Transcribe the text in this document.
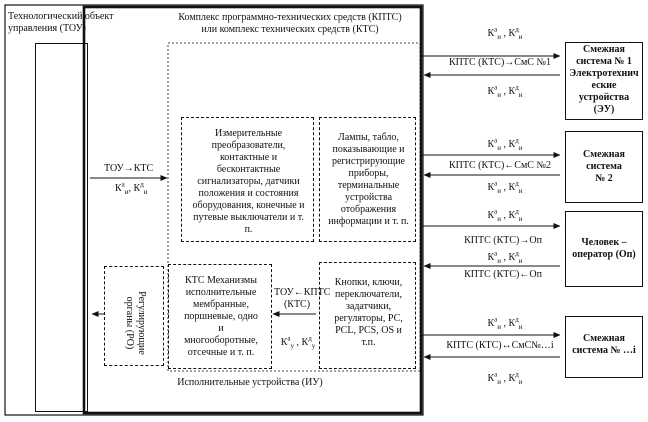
Технологический объект
управления (ТОУ)
Комплекс программно-технических средств (КПТС)
или комплекс технических средств (КТС)
ТОУ→КТС
$К^а_и$, $К^д_и$
Измерительные
преобразователи,
контактные и
бесконтактные
сигнализаторы, датчики
положения и состояния
оборудования, конечные и
путевые выключатели и т.
п.
Лампы, табло,
показывающие и
регистрирующие
приборы,
терминальные
устройства
отображения
информации и т. п.
Кнопки, ключи,
переключатели,
задатчики,
регуляторы, РС,
PCL, PCS, OS и
т.п.
КТС Механизмы
исполнительные
мембранные,
поршневые, одно
и
многооборотные,
отсечные и т. п.
Регулирующие
органы (РО)
ТОУ←КПТС
(КТС)
$К^а_у$ , $К^д_у$
Исполнительные устройства (ИУ)
Смежная
система № 1
Электротехнич
еские
устройства
(ЭУ)
Смежная
система
№ 2
Человек –
оператор (Оп)
Смежная
система № …i
$К^а_и$ , $К^д_и$
КПТС (КТС)→СмС №1
$К^а_и$ , $К^д_и$
$К^а_и$ , $К^д_и$
КПТС (КТС)←СмС №2
$К^а_и$ , $К^д_и$
$К^а_и$ , $К^д_и$
КПТС (КТС)→Оп
$К^а_и$ , $К^д_и$
КПТС (КТС)←Оп
$К^а_и$ , $К^д_и$
КПТС (КТС)↔СмС№…i
$К^а_и$ , $К^д_и$
